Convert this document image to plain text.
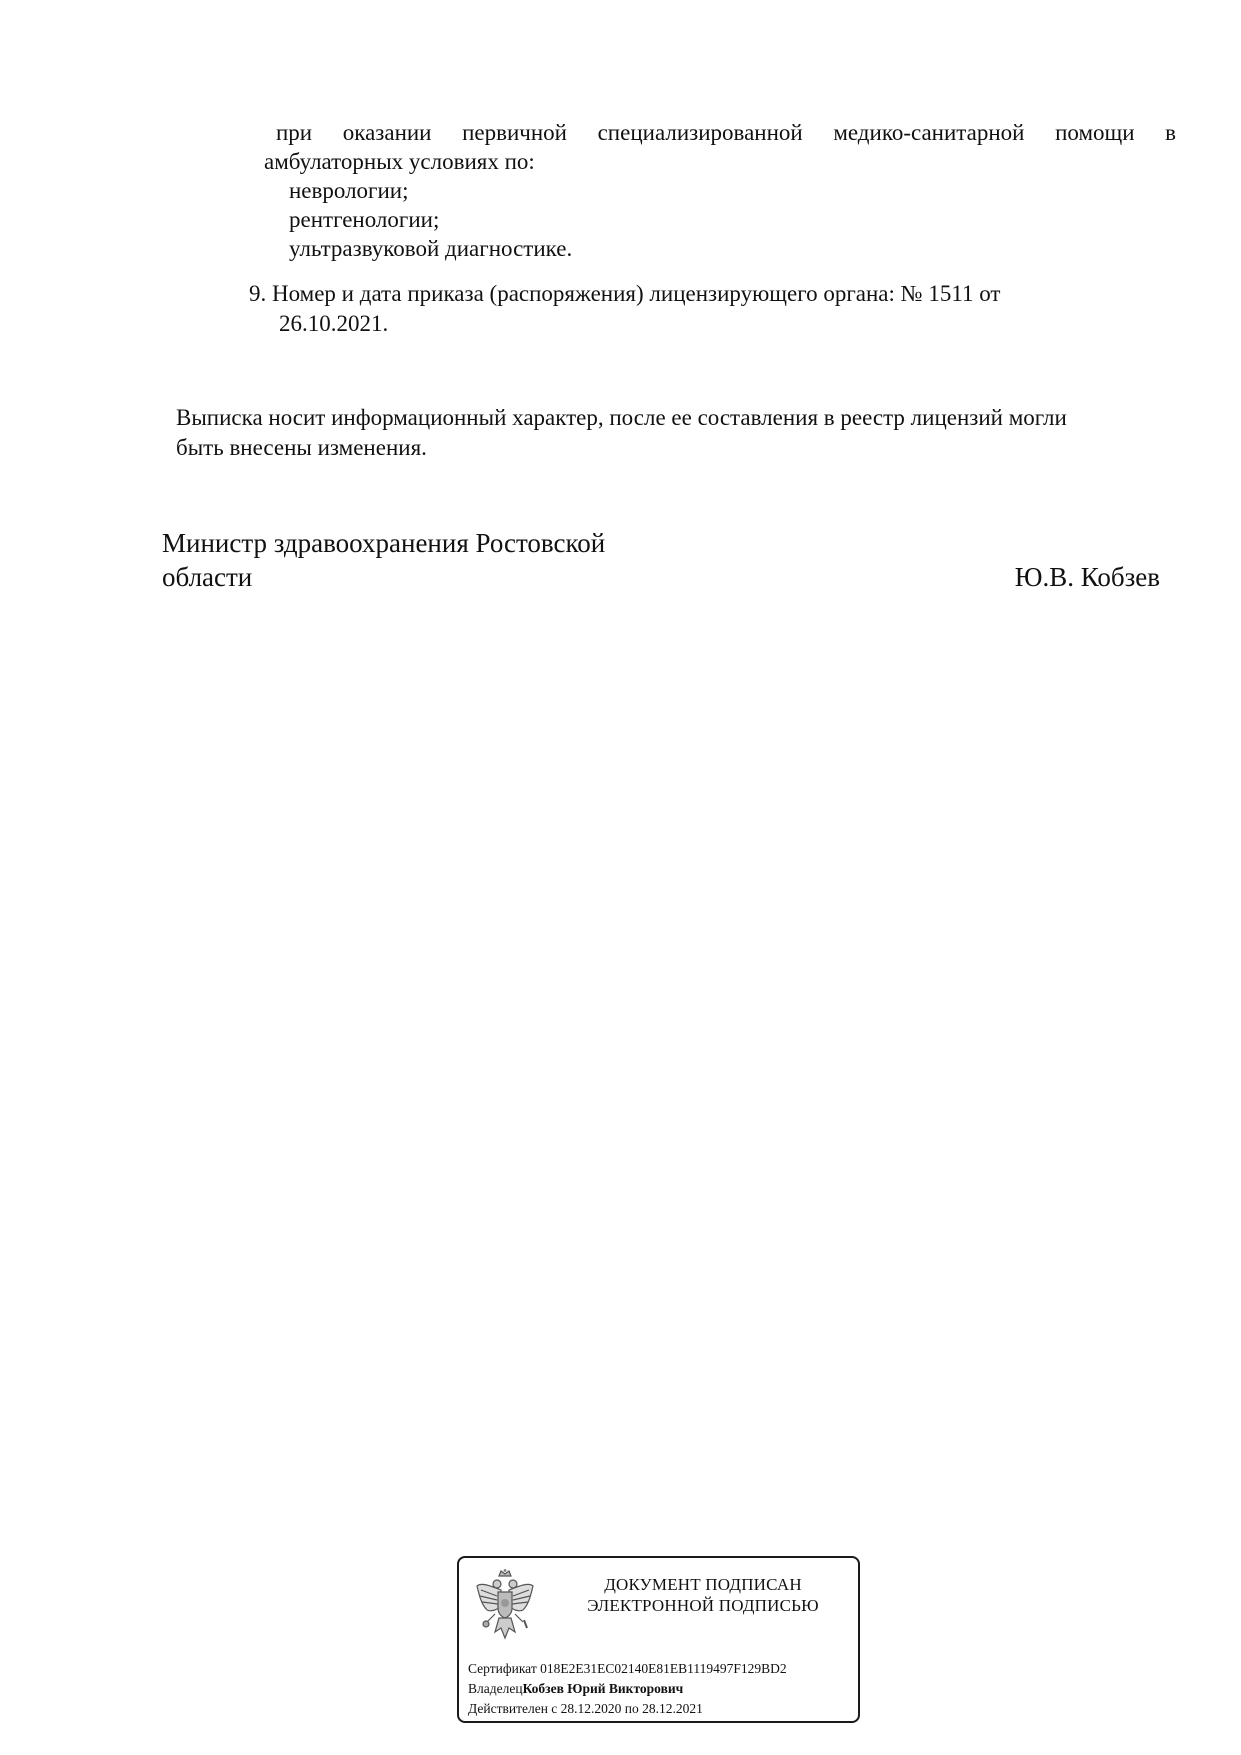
при оказании первичной специализированной медико-санитарной помощи в
амбулаторных условиях по:
неврологии;
рентгенологии;
ультразвуковой диагностике.
9. Номер и дата приказа (распоряжения) лицензирующего органа: № 1511 от
26.10.2021.
Выписка носит информационный характер, после ее составления в реестр лицензий могли
быть внесены изменения.
Министр здравоохранения Ростовской
области	Ю.В. Кобзев
ДОКУМЕНТ ПОДПИСАН
ЭЛЕКТРОННОЙ ПОДПИСЬЮ
Сертификат 018E2E31EC02140E81EB1119497F129BD2
ВладелецКобзев Юрий Викторович
Действителен с 28.12.2020 по 28.12.2021
